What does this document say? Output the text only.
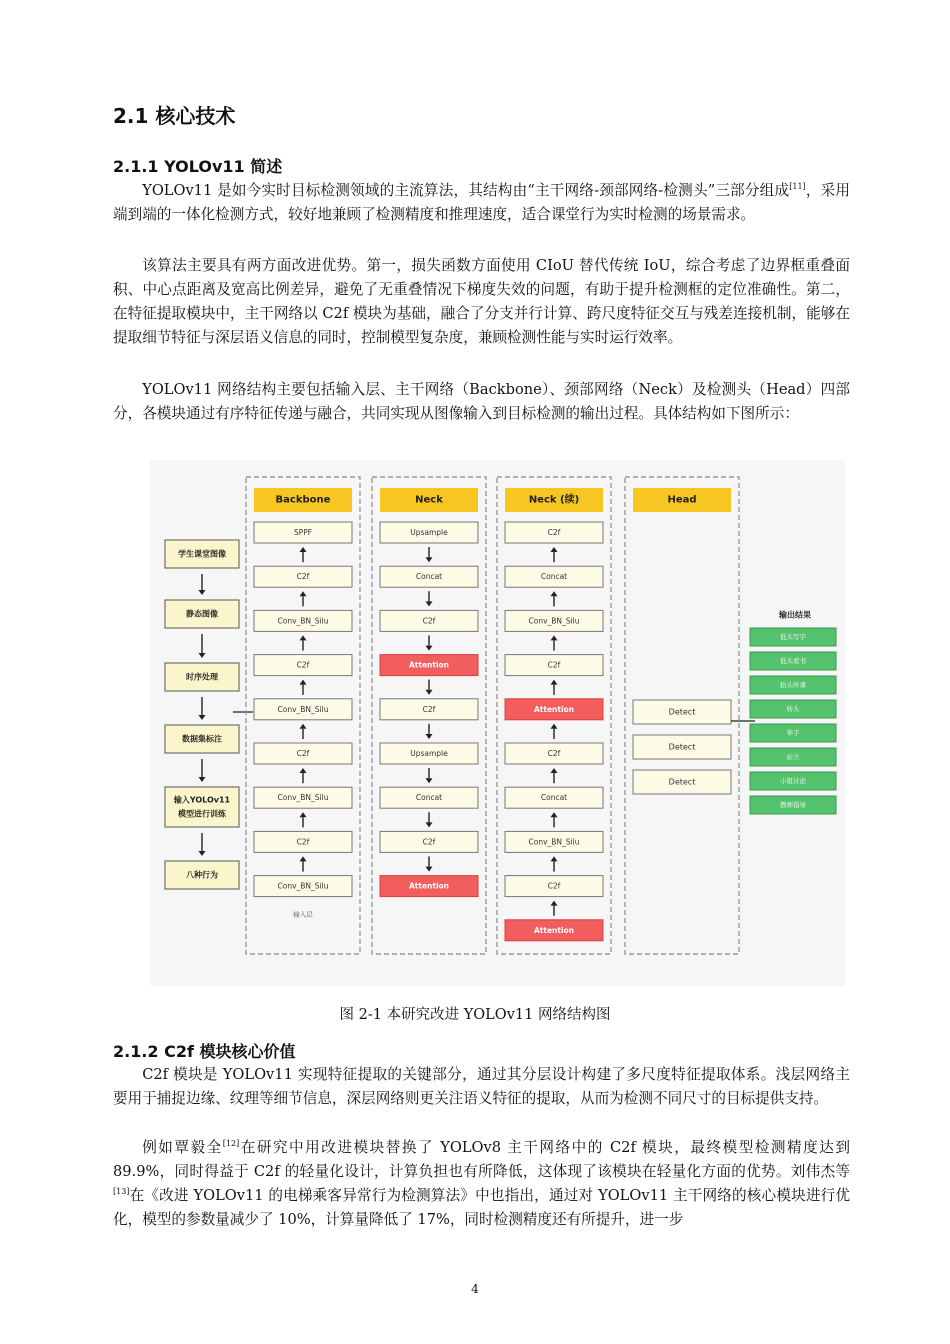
2.1 核心技术
2.1.1 YOLOv11 简述

YOLOv11 是如今实时目标检测领域的主流算法，其结构由“主干网络-颈部网络-检测头”三部分组成[11]，采用端到端的一体化检测方式，较好地兼顾了检测精度和推理速度，适合课堂行为实时检测的场景需求。

该算法主要具有两方面改进优势。第一，损失函数方面使用 CIoU 替代传统 IoU，综合考虑了边界框重叠面积、中心点距离及宽高比例差异，避免了无重叠情况下梯度失效的问题，有助于提升检测框的定位准确性。第二，在特征提取模块中，主干网络以 C2f 模块为基础，融合了分支并行计算、跨尺度特征交互与残差连接机制，能够在提取细节特征与深层语义信息的同时，控制模型复杂度，兼顾检测性能与实时运行效率。

YOLOv11 网络结构主要包括输入层、主干网络（Backbone）、颈部网络（Neck）及检测头（Head）四部分，各模块通过有序特征传递与融合，共同实现从图像输入到目标检测的输出过程。具体结构如下图所示：

学生课堂图像
静态图像
时序处理
数据集标注
输入YOLOv11
模型进行训练
八种行为
Backbone
SPPF
C2f
Conv_BN_Silu
C2f
Conv_BN_Silu
C2f
Conv_BN_Silu
C2f
Conv_BN_Silu
输入层
Neck
Upsample
Concat
C2f
Attention
C2f
Upsample
Concat
C2f
Attention
Neck (续)
C2f
Concat
Conv_BN_Silu
C2f
Attention
C2f
Concat
Conv_BN_Silu
C2f
Attention
Head
Detect
Detect
Detect
输出结果
低头写字
低头看书
抬头听课
转头
举手
站立
小组讨论
教师指导
图 2-1 本研究改进 YOLOv11 网络结构图
2.1.2 C2f 模块核心价值

C2f 模块是 YOLOv11 实现特征提取的关键部分，通过其分层设计构建了多尺度特征提取体系。浅层网络主要用于捕捉边缘、纹理等细节信息，深层网络则更关注语义特征的提取，从而为检测不同尺寸的目标提供支持。

例如覃毅全[12]在研究中用改进模块替换了 YOLOv8 主干网络中的 C2f 模块，最终模型检测精度达到 89.9%，同时得益于 C2f 的轻量化设计，计算负担也有所降低，这体现了该模块在轻量化方面的优势。刘伟杰等[13]在《改进 YOLOv11 的电梯乘客异常行为检测算法》中也指出，通过对 YOLOv11 主干网络的核心模块进行优化，模型的参数量减少了 10%，计算量降低了 17%，同时检测精度还有所提升，进一步

4
